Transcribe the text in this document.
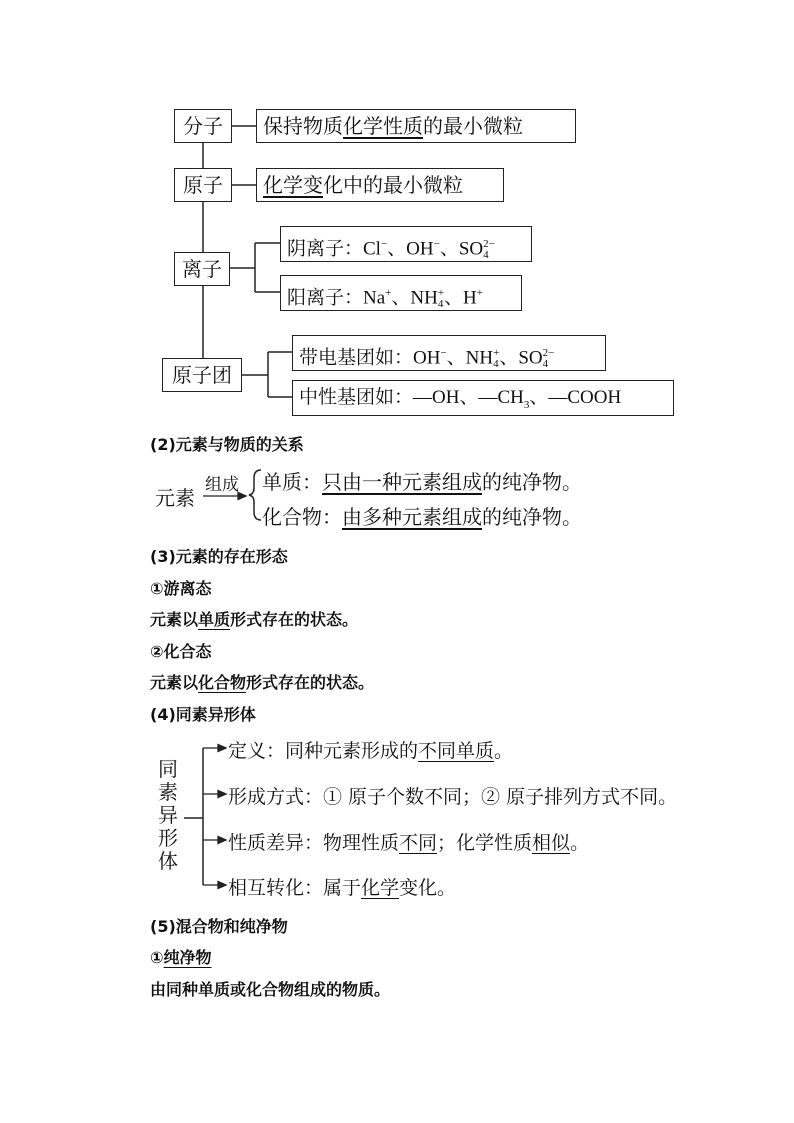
分子	保持物质化学性质的最小微粒
原子	化学变化中的最小微粒
离子
阴离子：Cl−、OH−、SO 2−
4
阳离子：Na+、NH +
4 、H+
原子团
带电基团如：OH−、NH +
4 、SO 2−
4
中性基团如：—OH、$—CH_3$、—COOH
(2)元素与物质的关系
元素
组成 单质：只由一种元素组成的纯净物。
化合物：由多种元素组成的纯净物。
(3)元素的存在形态
①游离态
元素以单质形式存在的状态。
②化合态
元素以化合物形式存在的状态。
(4)同素异形体
同
素
异
形
体
定义：同种元素形成的不同单质。
形成方式：① 原子个数不同；② 原子排列方式不同。
性质差异：物理性质不同；化学性质相似。
相互转化：属于化学变化。
(5)混合物和纯净物
①纯净物
由同种单质或化合物组成的物质。
